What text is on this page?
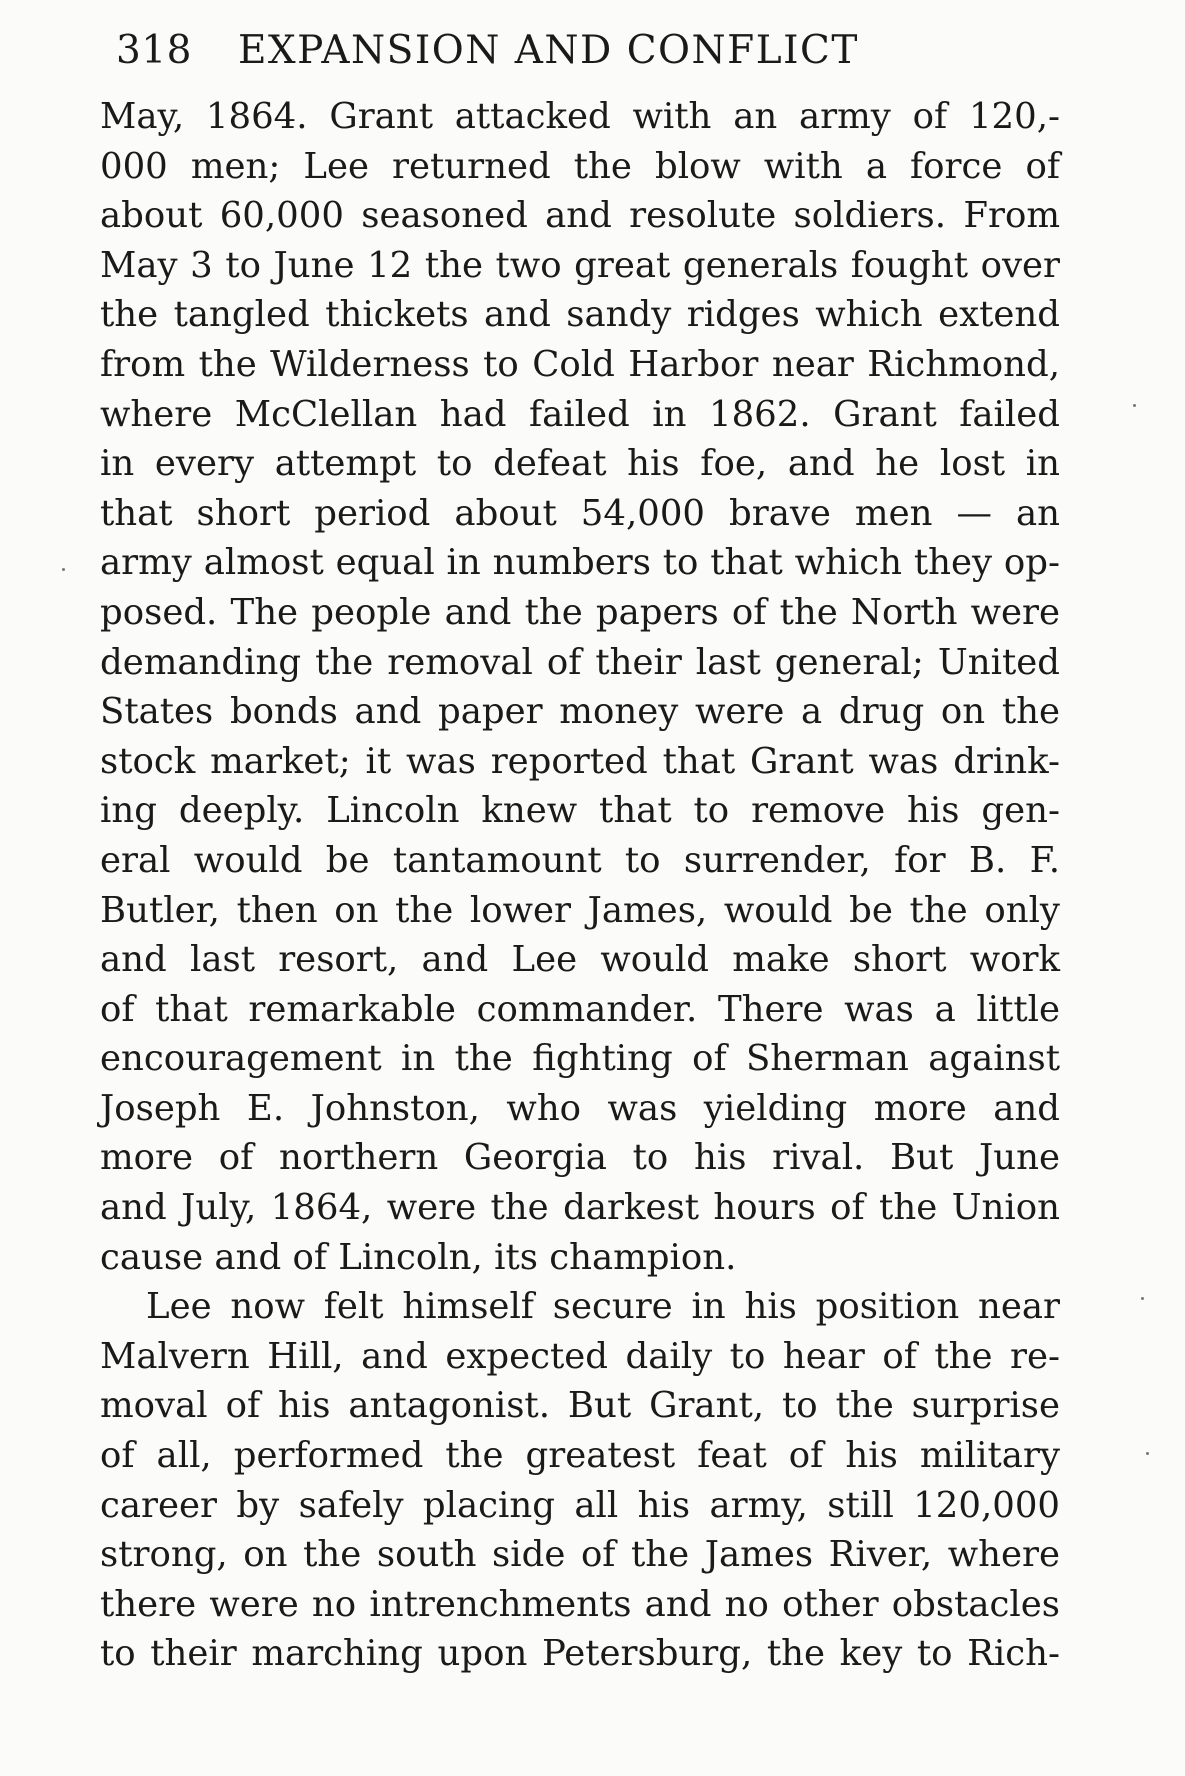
318 EXPANSION AND CONFLICT
May, 1864. Grant attacked with an army of 120,-
000 men; Lee returned the blow with a force of
about 60,000 seasoned and resolute soldiers. From
May 3 to June 12 the two great generals fought over
the tangled thickets and sandy ridges which extend
from the Wilderness to Cold Harbor near Richmond,
where McClellan had failed in 1862. Grant failed
in every attempt to defeat his foe, and he lost in
that short period about 54,000 brave men — an
army almost equal in numbers to that which they op-
posed. The people and the papers of the North were
demanding the removal of their last general; United
States bonds and paper money were a drug on the
stock market; it was reported that Grant was drink-
ing deeply. Lincoln knew that to remove his gen-
eral would be tantamount to surrender, for B. F.
Butler, then on the lower James, would be the only
and last resort, and Lee would make short work
of that remarkable commander. There was a little
encouragement in the fighting of Sherman against
Joseph E. Johnston, who was yielding more and
more of northern Georgia to his rival. But June
and July, 1864, were the darkest hours of the Union
cause and of Lincoln, its champion.
Lee now felt himself secure in his position near
Malvern Hill, and expected daily to hear of the re-
moval of his antagonist. But Grant, to the surprise
of all, performed the greatest feat of his military
career by safely placing all his army, still 120,000
strong, on the south side of the James River, where
there were no intrenchments and no other obstacles
to their marching upon Petersburg, the key to Rich-
